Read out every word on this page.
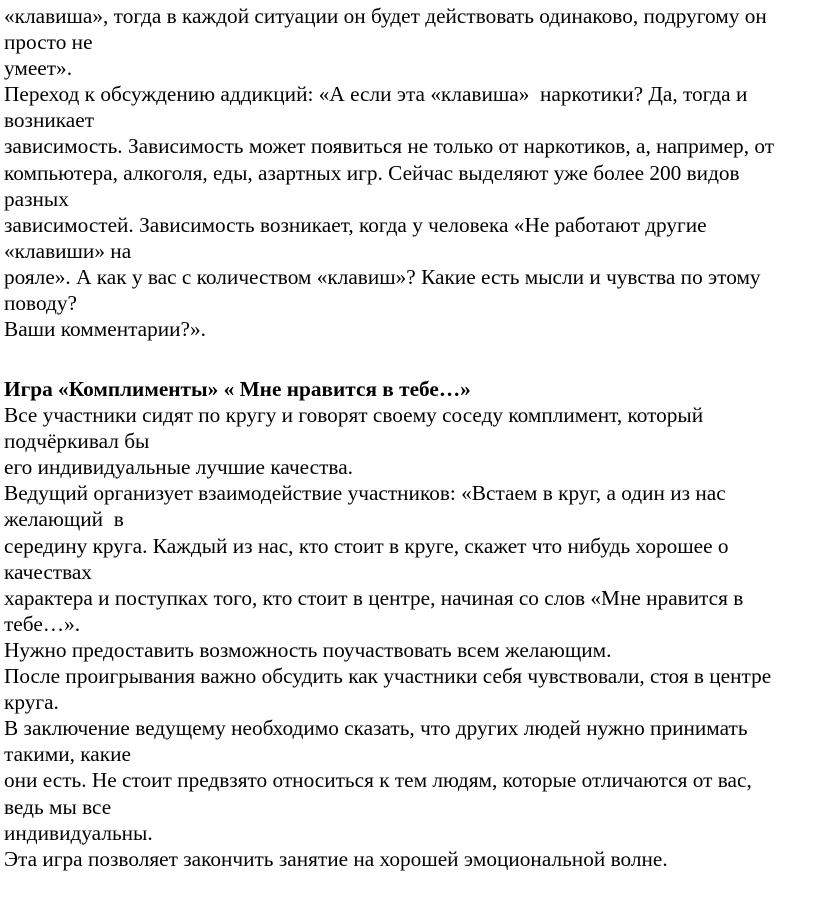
«клавиша», тогда в каждой ситуации он будет действовать одинаково, подругому он

просто не

умеет».

Переход к обсуждению аддикций: «А если эта «клавиша»  наркотики? Да, тогда и

возникает

зависимость. Зависимость может появиться не только от наркотиков, а, например, от

компьютера, алкоголя, еды, азартных игр. Сейчас выделяют уже более 200 видов

разных

зависимостей. Зависимость возникает, когда у человека «Не работают другие

«клавиши» на

рояле». А как у вас с количеством «клавиш»? Какие есть мысли и чувства по этому

поводу?

Ваши комментарии?».

Игра «Комплименты» « Мне нравится в тебе…»

Все участники сидят по кругу и говорят своему соседу комплимент, который

подчёркивал бы

его индивидуальные лучшие качества.

Ведущий организует взаимодействие участников: «Встаем в круг, а один из нас

желающий  в

середину круга. Каждый из нас, кто стоит в круге, скажет что нибудь хорошее о

качествах

характера и поступках того, кто стоит в центре, начиная со слов «Мне нравится в

тебе…».

Нужно предоставить возможность поучаствовать всем желающим.

После проигрывания важно обсудить как участники себя чувствовали, стоя в центре

круга.

В заключение ведущему необходимо сказать, что других людей нужно принимать

такими, какие

они есть. Не стоит предвзято относиться к тем людям, которые отличаются от вас,

ведь мы все

индивидуальны.

Эта игра позволяет закончить занятие на хорошей эмоциональной волне.
